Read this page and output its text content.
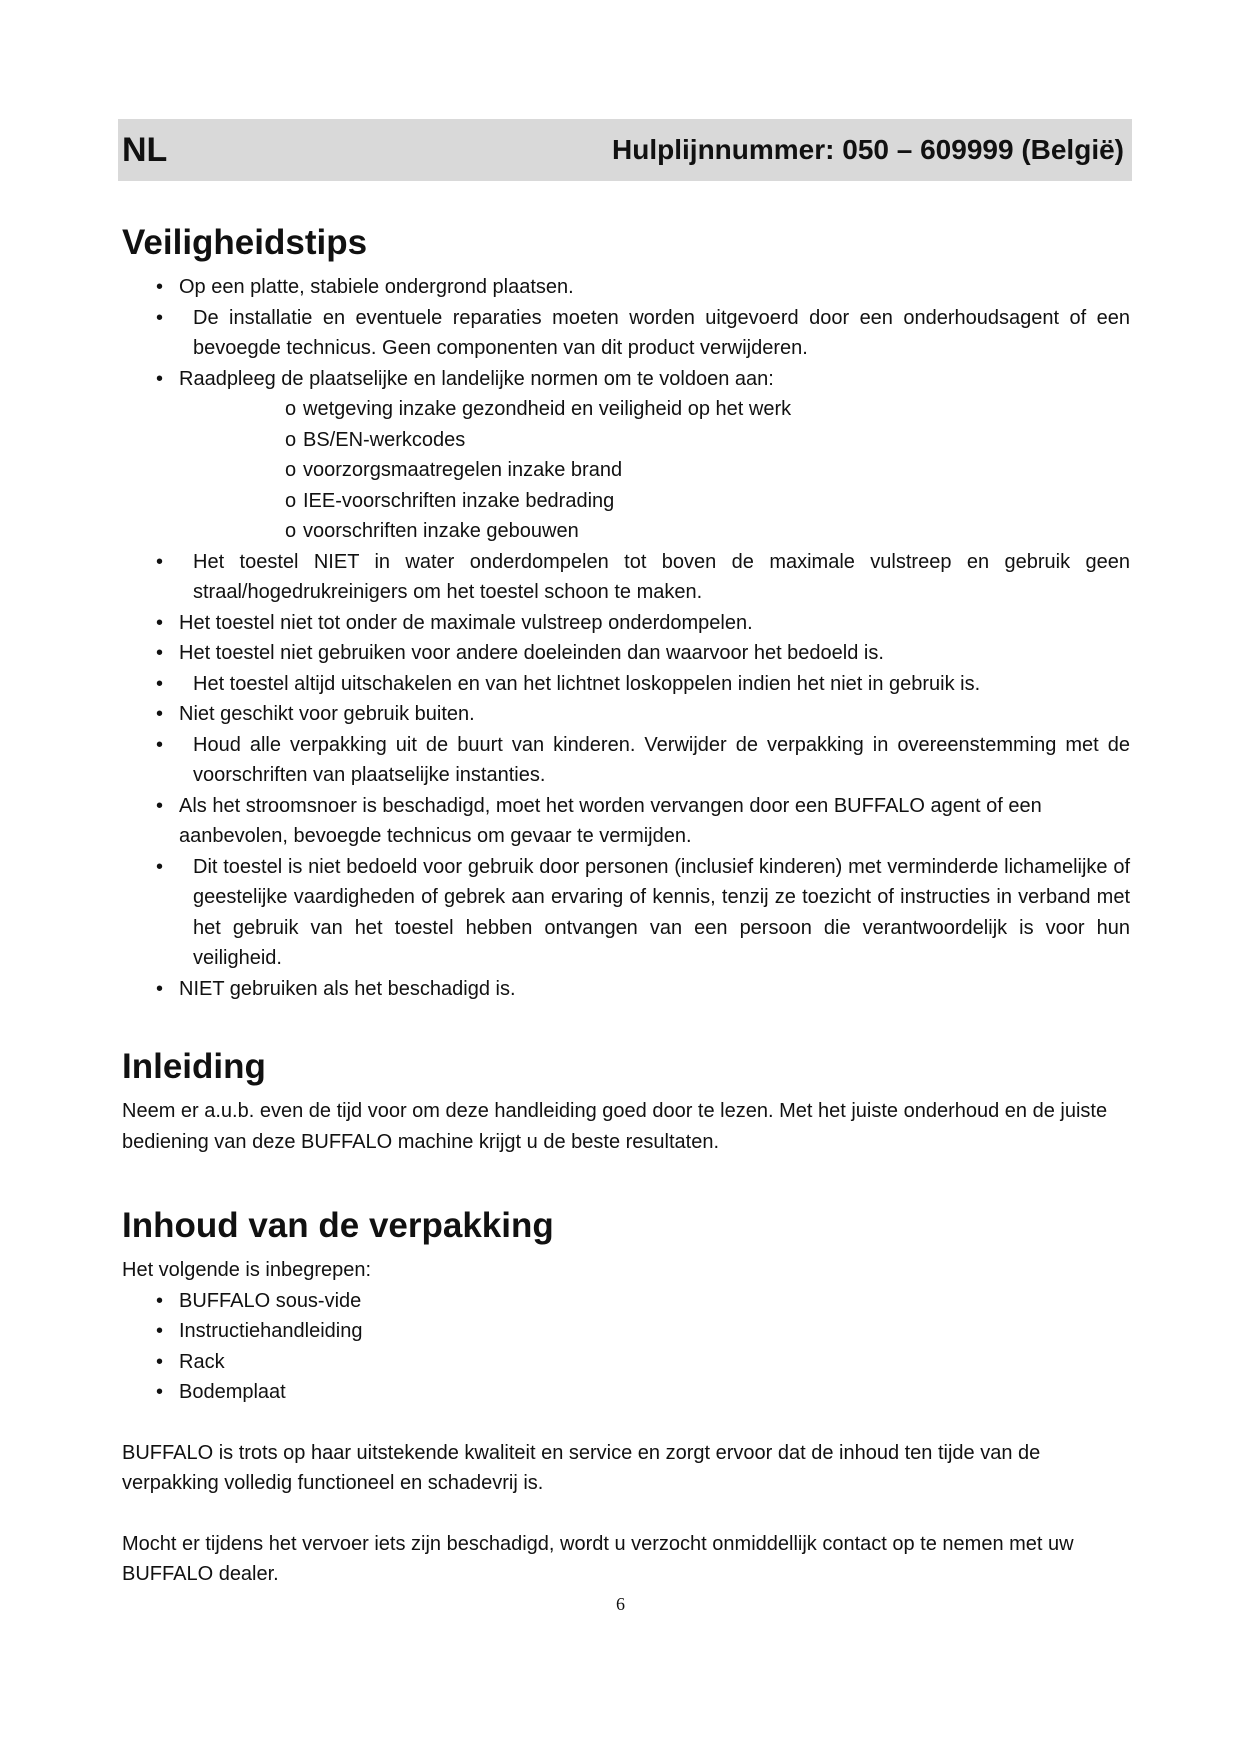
NL	Hulplijnnummer: 050 – 609999 (België)
Veiligheidstips
• Op een platte, stabiele ondergrond plaatsen.
• De installatie en eventuele reparaties moeten worden uitgevoerd door een onderhoudsagent of een bevoegde technicus. Geen componenten van dit product verwijderen.
• Raadpleeg de plaatselijke en landelijke normen om te voldoen aan:
o wetgeving inzake gezondheid en veiligheid op het werk
o BS/EN-werkcodes
o voorzorgsmaatregelen inzake brand
o IEE-voorschriften inzake bedrading
o voorschriften inzake gebouwen
• Het toestel NIET in water onderdompelen tot boven de maximale vulstreep en gebruik geen straal/hogedrukreinigers om het toestel schoon te maken.
• Het toestel niet tot onder de maximale vulstreep onderdompelen.
• Het toestel niet gebruiken voor andere doeleinden dan waarvoor het bedoeld is.
• Het toestel altijd uitschakelen en van het lichtnet loskoppelen indien het niet in gebruik is.
• Niet geschikt voor gebruik buiten.
• Houd alle verpakking uit de buurt van kinderen. Verwijder de verpakking in overeenstemming met de voorschriften van plaatselijke instanties.
• Als het stroomsnoer is beschadigd, moet het worden vervangen door een BUFFALO agent of een aanbevolen, bevoegde technicus om gevaar te vermijden.
• Dit toestel is niet bedoeld voor gebruik door personen (inclusief kinderen) met verminderde lichamelijke of geestelijke vaardigheden of gebrek aan ervaring of kennis, tenzij ze toezicht of instructies in verband met het gebruik van het toestel hebben ontvangen van een persoon die verantwoordelijk is voor hun veiligheid.
• NIET gebruiken als het beschadigd is.
Inleiding

Neem er a.u.b. even de tijd voor om deze handleiding goed door te lezen. Met het juiste onderhoud en de juiste bediening van deze BUFFALO machine krijgt u de beste resultaten.

Inhoud van de verpakking

Het volgende is inbegrepen:

• BUFFALO sous-vide
• Instructiehandleiding
• Rack
• Bodemplaat

BUFFALO is trots op haar uitstekende kwaliteit en service en zorgt ervoor dat de inhoud ten tijde van de verpakking volledig functioneel en schadevrij is.

Mocht er tijdens het vervoer iets zijn beschadigd, wordt u verzocht onmiddellijk contact op te nemen met uw BUFFALO dealer.

6
